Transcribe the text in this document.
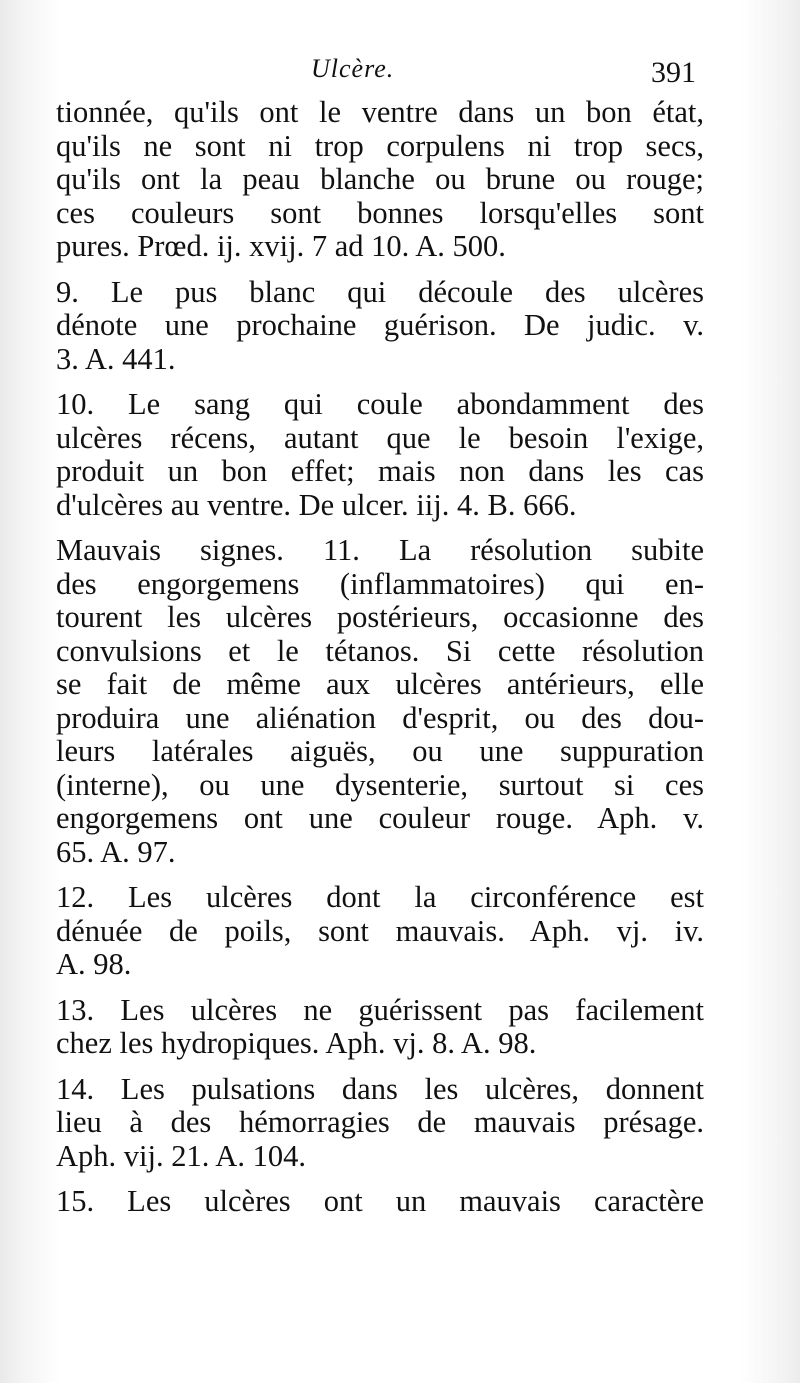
Ulcère.	391

tionnée, qu'ils ont le ventre dans un bon état,
qu'ils ne sont ni trop corpulens ni trop secs,
qu'ils ont la peau blanche ou brune ou rouge;
ces couleurs sont bonnes lorsqu'elles sont
pures. Prœd. ij. xvij. 7 ad 10. A. 500.

9. Le pus blanc qui découle des ulcères
dénote une prochaine guérison. De judic. v.
3. A. 441.

10. Le sang qui coule abondamment des
ulcères récens, autant que le besoin l'exige,
produit un bon effet; mais non dans les cas
d'ulcères au ventre. De ulcer. iij. 4. B. 666.

Mauvais signes. 11. La résolution subite
des engorgemens (inflammatoires) qui en-
tourent les ulcères postérieurs, occasionne des
convulsions et le tétanos. Si cette résolution
se fait de même aux ulcères antérieurs, elle
produira une aliénation d'esprit, ou des dou-
leurs latérales aiguës, ou une suppuration
(interne), ou une dysenterie, surtout si ces
engorgemens ont une couleur rouge. Aph. v.
65. A. 97.

12. Les ulcères dont la circonférence est
dénuée de poils, sont mauvais. Aph. vj. iv.
A. 98.

13. Les ulcères ne guérissent pas facilement
chez les hydropiques. Aph. vj. 8. A. 98.

14. Les pulsations dans les ulcères, donnent
lieu à des hémorragies de mauvais présage.
Aph. vij. 21. A. 104.

15. Les ulcères ont un mauvais caractère
